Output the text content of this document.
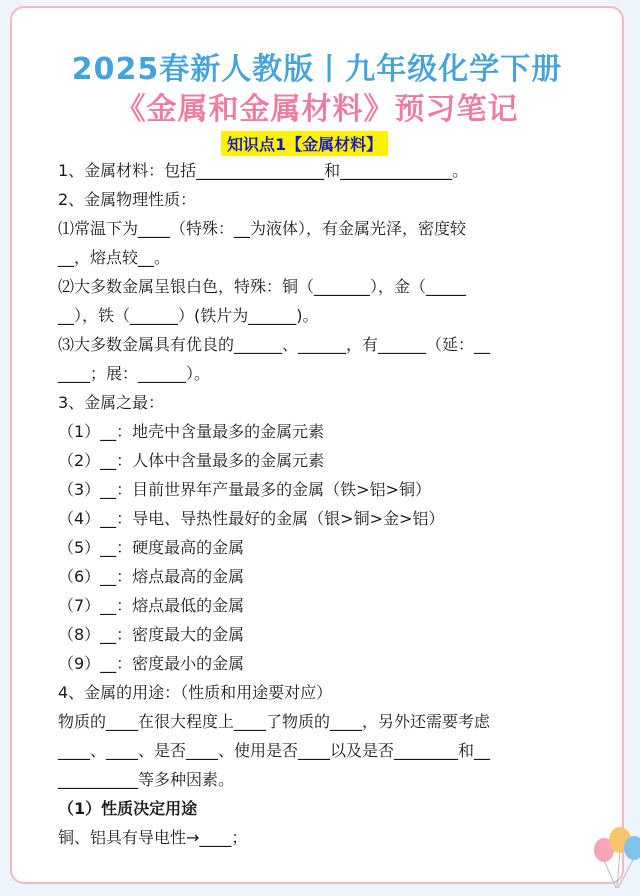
2025春新人教版丨九年级化学下册
《金属和金属材料》预习笔记
知识点1【金属材料】
1、金属材料：包括________________和______________。
2、金属物理性质：
⑴常温下为____（特殊：__为液体），有金属光泽，密度较
__，熔点较__。
⑵大多数金属呈银白色，特殊：铜（_______），金（_____
__），铁（______）(铁片为______)。
⑶大多数金属具有优良的______、______，有______（延：__
____；展：______）。
3、金属之最：
（1）__：地壳中含量最多的金属元素
（2）__：人体中含量最多的金属元素
（3）__：目前世界年产量最多的金属（铁>铝>铜）
（4）__：导电、导热性最好的金属（银>铜>金>铝）
（5）__：硬度最高的金属
（6）__：熔点最高的金属
（7）__：熔点最低的金属
（8）__：密度最大的金属
（9）__：密度最小的金属
4、金属的用途：（性质和用途要对应）
物质的____在很大程度上____了物质的____，另外还需要考虑
____、____、是否____、使用是否____以及是否________和__
__________等多种因素。
（1）性质决定用途
铜、铝具有导电性→____；
